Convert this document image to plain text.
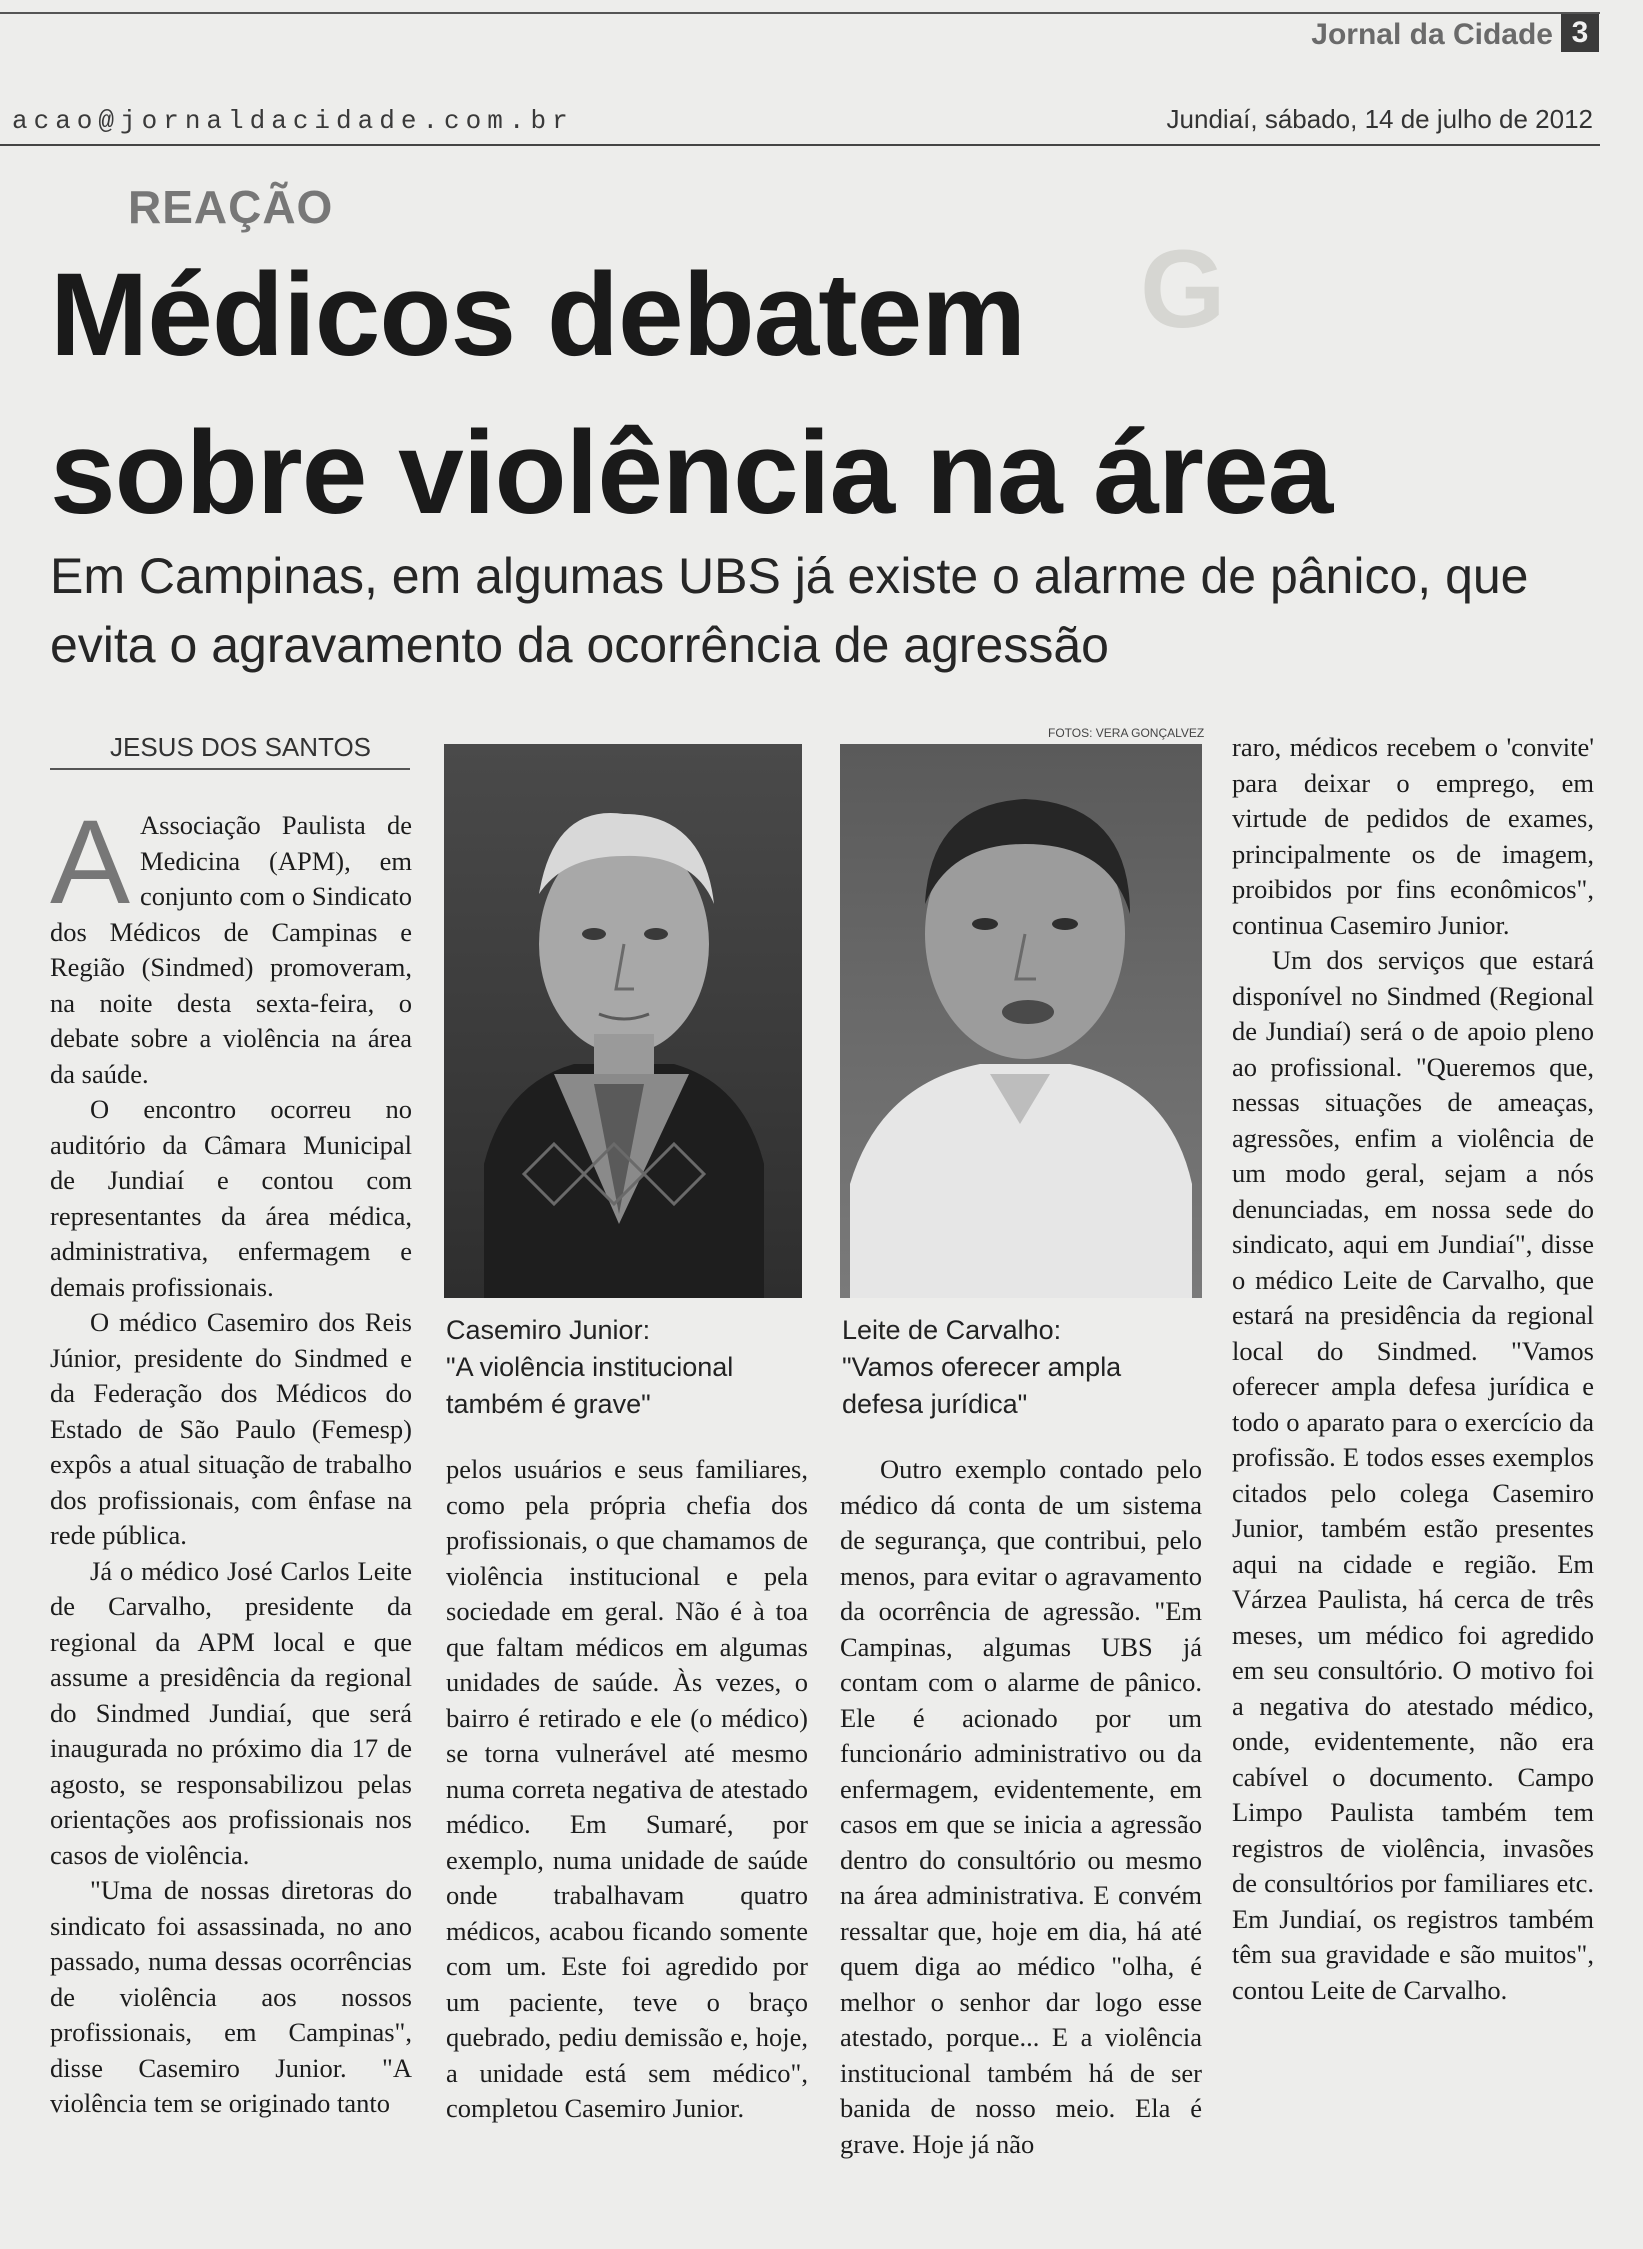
G
Jornal da Cidade 3
acao@jornaldacidade.com.br	Jundiaí, sábado, 14 de julho de 2012
REAÇÃO
Médicos debatem
sobre violência na área

Em Campinas, em algumas UBS já existe o alarme de pânico, que evita o agravamento da ocorrência de agressão

JESUS DOS SANTOS

A Associação Paulista de Medicina (APM), em conjunto com o Sindicato dos Médicos de Campinas e Região (Sindmed) promoveram, na noite desta sexta-feira, o debate sobre a violência na área da saúde.

O encontro ocorreu no auditório da Câmara Municipal de Jundiaí e contou com representantes da área médica, administrativa, enfermagem e demais profissionais.

O médico Casemiro dos Reis Júnior, presidente do Sindmed e da Federação dos Médicos do Estado de São Paulo (Femesp) expôs a atual situação de trabalho dos profissionais, com ênfase na rede pública.

Já o médico José Carlos Leite de Carvalho, presidente da regional da APM local e que assume a presidência da regional do Sindmed Jundiaí, que será inaugurada no próximo dia 17 de agosto, se responsabilizou pelas orientações aos profissionais nos casos de violência.

"Uma de nossas diretoras do sindicato foi assassinada, no ano passado, numa dessas ocorrências de violência aos nossos profissionais, em Campinas", disse Casemiro Junior. "A violência tem se originado tanto

FOTOS: VERA GONÇALVEZ
Casemiro Junior:
"A violência institucional também é grave"
Leite de Carvalho:
"Vamos oferecer ampla defesa jurídica"

pelos usuários e seus familiares, como pela própria chefia dos profissionais, o que chamamos de violência institucional e pela sociedade em geral. Não é à toa que faltam médicos em algumas unidades de saúde. Às vezes, o bairro é retirado e ele (o médico) se torna vulnerável até mesmo numa correta negativa de atestado médico. Em Sumaré, por exemplo, numa unidade de saúde onde trabalhavam quatro médicos, acabou ficando somente com um. Este foi agredido por um paciente, teve o braço quebrado, pediu demissão e, hoje, a unidade está sem médico", completou Casemiro Junior.

Outro exemplo contado pelo médico dá conta de um sistema de segurança, que contribui, pelo menos, para evitar o agravamento da ocorrência de agressão. "Em Campinas, algumas UBS já contam com o alarme de pânico. Ele é acionado por um funcionário administrativo ou da enfermagem, evidentemente, em casos em que se inicia a agressão dentro do consultório ou mesmo na área administrativa. E convém ressaltar que, hoje em dia, há até quem diga ao médico "olha, é melhor o senhor dar logo esse atestado, porque... E a violência institucional também há de ser banida de nosso meio. Ela é grave. Hoje já não

raro, médicos recebem o 'convite' para deixar o emprego, em virtude de pedidos de exames, principalmente os de imagem, proibidos por fins econômicos", continua Casemiro Junior.

Um dos serviços que estará disponível no Sindmed (Regional de Jundiaí) será o de apoio pleno ao profissional. "Queremos que, nessas situações de ameaças, agressões, enfim a violência de um modo geral, sejam a nós denunciadas, em nossa sede do sindicato, aqui em Jundiaí", disse o médico Leite de Carvalho, que estará na presidência da regional local do Sindmed. "Vamos oferecer ampla defesa jurídica e todo o aparato para o exercício da profissão. E todos esses exemplos citados pelo colega Casemiro Junior, também estão presentes aqui na cidade e região. Em Várzea Paulista, há cerca de três meses, um médico foi agredido em seu consultório. O motivo foi a negativa do atestado médico, onde, evidentemente, não era cabível o documento. Campo Limpo Paulista também tem registros de violência, invasões de consultórios por familiares etc. Em Jundiaí, os registros também têm sua gravidade e são muitos", contou Leite de Carvalho.
